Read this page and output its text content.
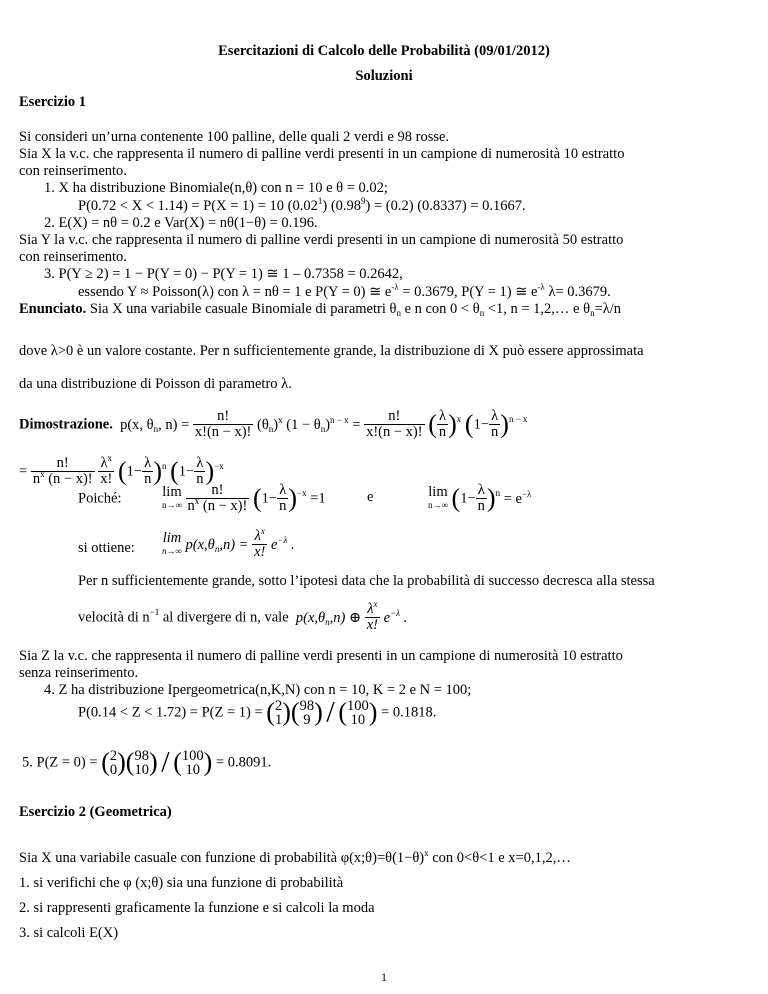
Esercitazioni di Calcolo delle Probabilità (09/01/2012)
Soluzioni
Esercizio 1
Si consideri un’urna contenente 100 palline, delle quali 2 verdi e 98 rosse.
Sia X la v.c. che rappresenta il numero di palline verdi presenti in un campione di numerosità 10 estratto
con reinserimento.
1. X ha distribuzione Binomiale(n,θ) con n = 10 e θ = 0.02;
P(0.72 < X < 1.14) = P(X = 1) = 10 (0.02$^1$) $(0.98^9) = (0.2) (0.8337) = 0.1667$.
2. E(X) = nθ = 0.2 e Var(X) = nθ(1−θ) = 0.196.
Sia Y la v.c. che rappresenta il numero di palline verdi presenti in un campione di numerosità 50 estratto
con reinserimento.
3. P(Y ≥ 2) = 1 − P(Y = 0) − P(Y = 1) ≅ 1 – 0.7358 = 0.2642,
essendo Y ≈ Poisson(λ) con λ = nθ = 1 e P(Y = 0) ≅ $e^{-\lambda} = 0.3679$, P(Y = 1) ≅ $e^{-\lambda}$ λ= 0.3679.
Enunciato. Sia X una variabile casuale Binomiale di parametri $\theta_n$ e n con $0 < \theta_n <1$, n = 1,2,… e $\theta_n=\lambda/n$
dove λ>0 è un valore costante. Per n sufficientemente grande, la distribuzione di X può essere approssimata
da una distribuzione di Poisson di parametro λ.
Dimostrazione.  p(x, $\theta_n$, $n) = \frac{n!}{x!(n - x)!} (\theta_n)^x$ $(1 - \theta_n)^{n - x} = \frac{n!}{x!(n - x)!}$ ( $\frac{\lambda}{n} )^x$ $(1- \frac{\lambda}{n} )^{n - x}$
= $\frac{n!}{n^x (n - x)!}$
$\frac{\lambda^x}{x!} (1- \frac{\lambda}{n} )^n$ $(1- \frac{\lambda}{n} )^{-x}$
Poiché:	lim
n→∞
$\frac{n!}{n^x (n - x)!} (1- \frac{\lambda}{n} )^{-x} =1$	e	lim
n→∞ $(1- \frac{\lambda}{n} )^n = e^{-\lambda}$
si ottiene:
lim
n→∞ $p(x,\theta_n,n) = \frac{\lambda^x}{x!} e^{-\lambda}$ .
Per n sufficientemente grande, sotto l’ipotesi data che la probabilità di successo decresca alla stessa
velocità di $n^{-1}$ al divergere di n, vale  $p(x,\theta_n,n)$ ⊕ $\frac{\lambda^x}{x!} e^{-\lambda}$ .
Sia Z la v.c. che rappresenta il numero di palline verdi presenti in un campione di numerosità 10 estratto
senza reinserimento.
4. Z ha distribuzione Ipergeometrica(n,K,N) con n = 10, K = 2 e N = 100;
P(0.14 < Z < 1.72) = P(Z = 1) = ( 2
1 )( 98
9 ) / ( 100
10 ) = 0.1818.
5. P(Z = 0) = ( 2
0 )( 98
10 ) / ( 100
10 ) = 0.8091.
Esercizio 2 (Geometrica)
Sia X una variabile casuale con funzione di probabilità $\varphi(x;\theta)=\theta(1-\theta)^x$ con 0<θ<1 e x=0,1,2,…
1. si verifichi che φ (x;θ) sia una funzione di probabilità
2. si rappresenti graficamente la funzione e si calcoli la moda
3. si calcoli E(X)
1
